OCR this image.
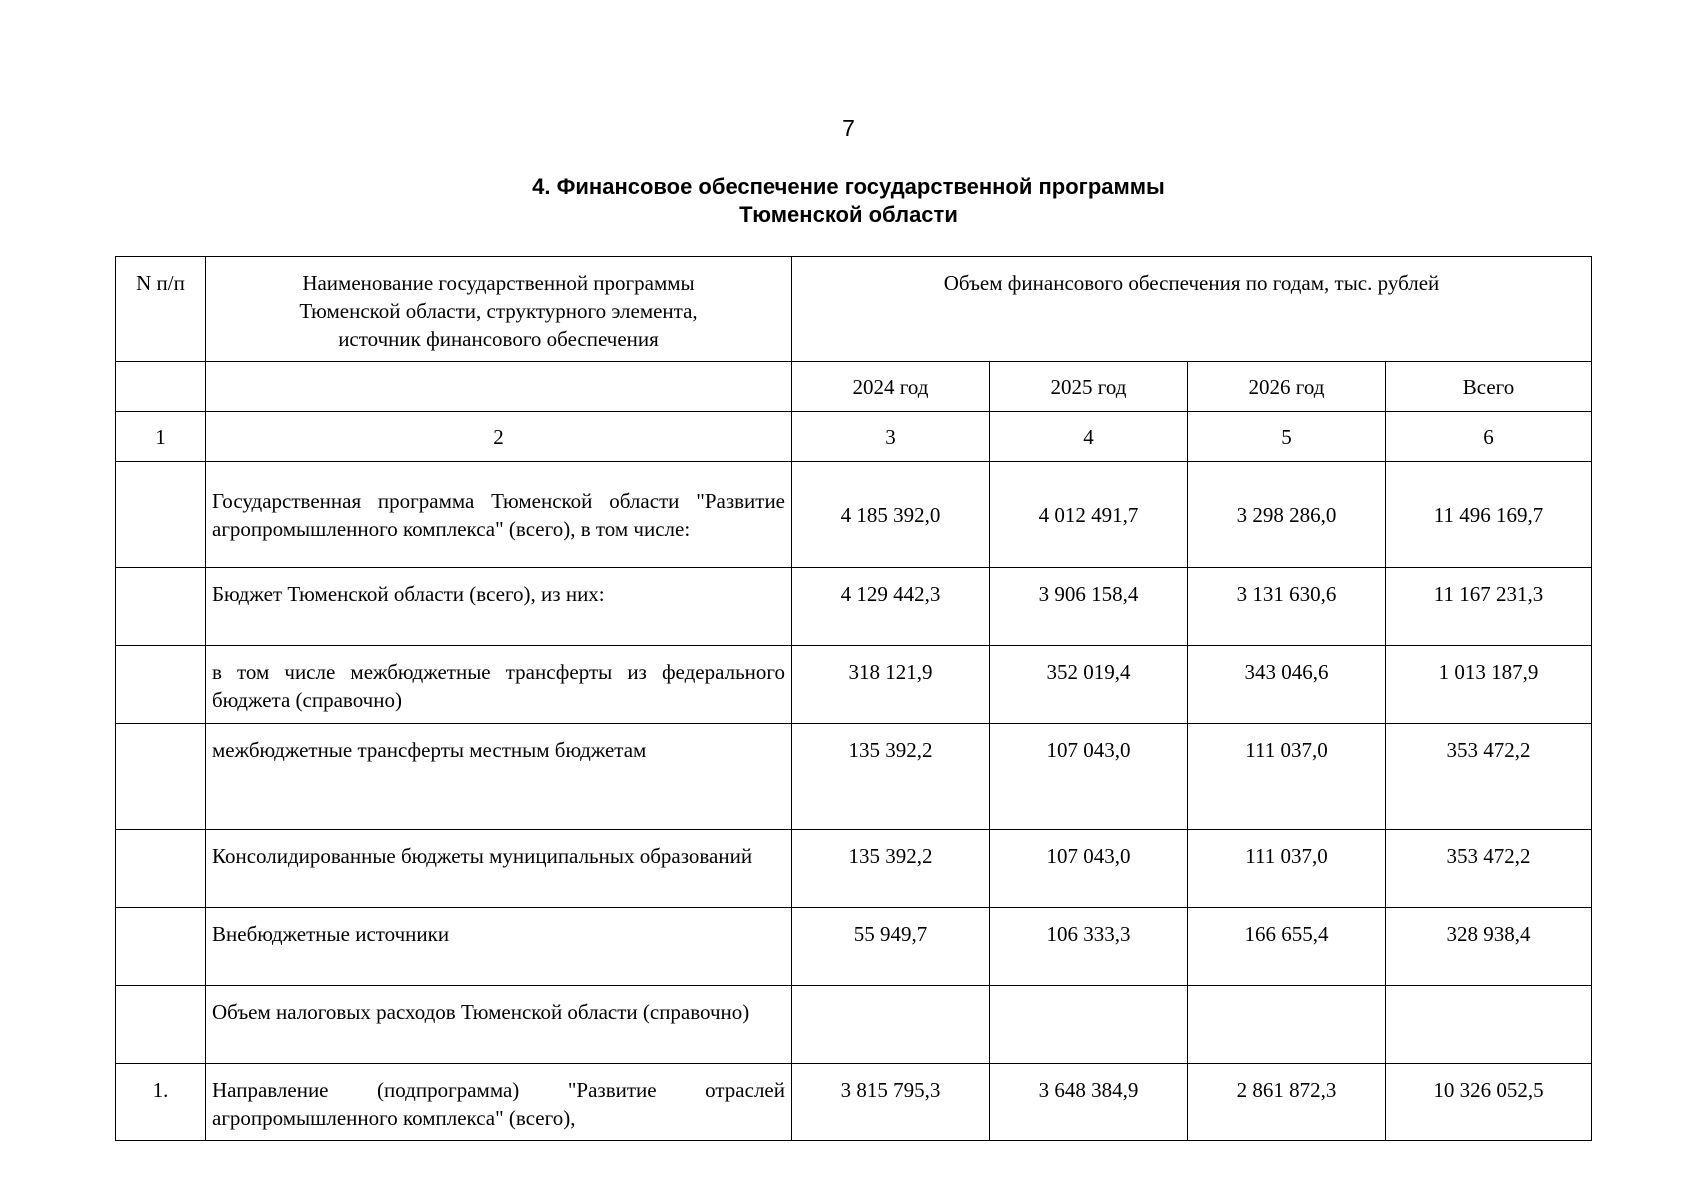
7
4. Финансовое обеспечение государственной программы
Тюменской области
N п/п	Наименование государственной программы Тюменской области, структурного элемента, источник финансового обеспечения	Объем финансового обеспечения по годам, тыс. рублей			
		2024 год	2025 год	2026 год	Всего
1	2	3	4	5	6
	Государственная программа Тюменской области "Развитие агропромышленного комплекса" (всего), в том числе:	4 185 392,0	4 012 491,7	3 298 286,0	11 496 169,7
	Бюджет Тюменской области (всего), из них:	4 129 442,3	3 906 158,4	3 131 630,6	11 167 231,3
	в том числе межбюджетные трансферты из федерального бюджета (справочно)	318 121,9	352 019,4	343 046,6	1 013 187,9
	межбюджетные трансферты местным бюджетам	135 392,2	107 043,0	111 037,0	353 472,2
	Консолидированные бюджеты муниципальных образований	135 392,2	107 043,0	111 037,0	353 472,2
	Внебюджетные источники	55 949,7	106 333,3	166 655,4	328 938,4
	Объем налоговых расходов Тюменской области (справочно)				
1.	Направление (подпрограмма) "Развитие отраслей агропромышленного комплекса" (всего),	3 815 795,3	3 648 384,9	2 861 872,3	10 326 052,5
